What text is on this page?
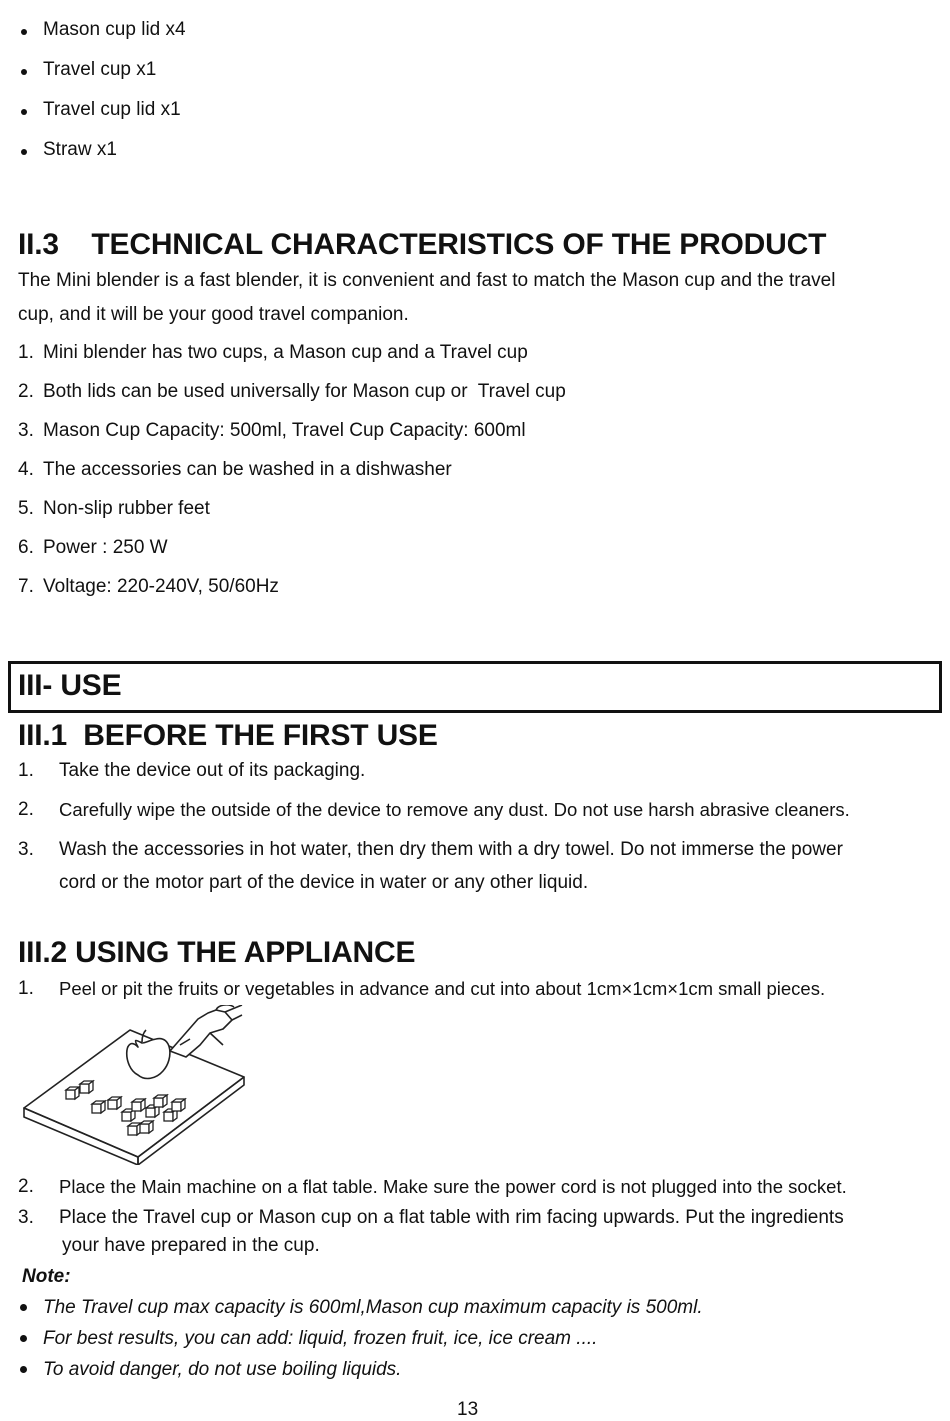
Mason cup lid x4
Travel cup x1
Travel cup lid x1
Straw x1
II.3    TECHNICAL CHARACTERISTICS OF THE PRODUCT
The Mini blender is a fast blender, it is convenient and fast to match the Mason cup and the travel
cup, and it will be your good travel companion.
1. Mini blender has two cups, a Mason cup and a Travel cup
2. Both lids can be used universally for Mason cup or  Travel cup
3. Mason Cup Capacity: 500ml, Travel Cup Capacity: 600ml
4. The accessories can be washed in a dishwasher
5. Non-slip rubber feet
6. Power : 250 W
7. Voltage: 220-240V, 50/60Hz
III- USE
III.1  BEFORE THE FIRST USE
1. Take the device out of its packaging.
2. Carefully wipe the outside of the device to remove any dust. Do not use harsh abrasive cleaners.
3. Wash the accessories in hot water, then dry them with a dry towel. Do not immerse the power
cord or the motor part of the device in water or any other liquid.
III.2 USING THE APPLIANCE
1. Peel or pit the fruits or vegetables in advance and cut into about 1cm×1cm×1cm small pieces.
2. Place the Main machine on a flat table. Make sure the power cord is not plugged into the socket.
3. Place the Travel cup or Mason cup on a flat table with rim facing upwards. Put the ingredients
your have prepared in the cup.
Note:
The Travel cup max capacity is 600ml,Mason cup maximum capacity is 500ml.
For best results, you can add: liquid, frozen fruit, ice, ice cream ....
To avoid danger, do not use boiling liquids.
13
